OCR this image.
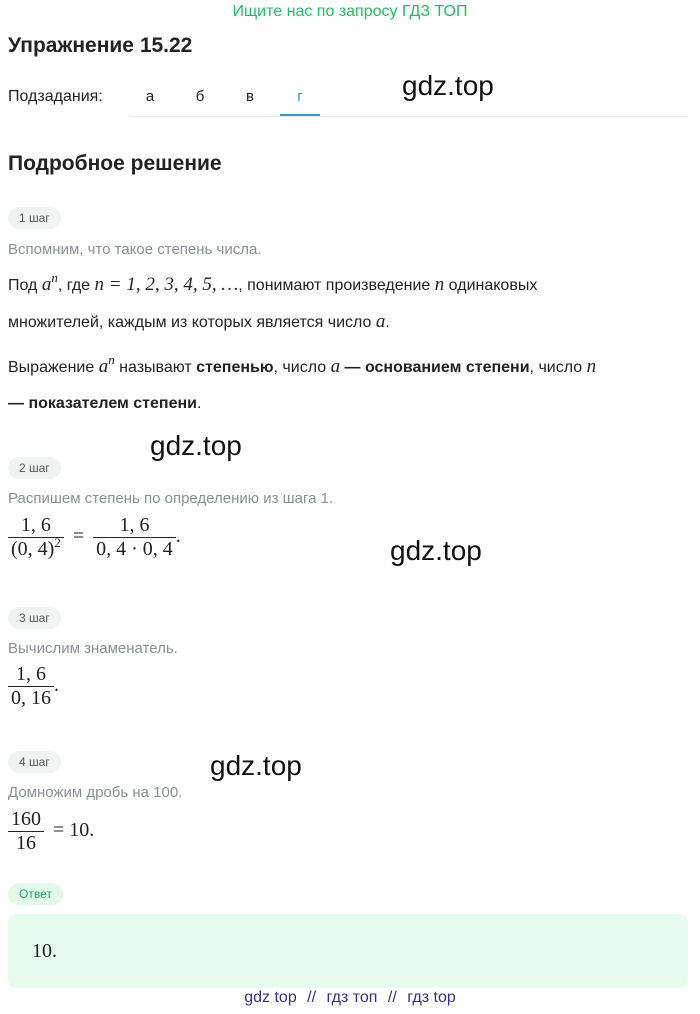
Ищите нас по запросу ГДЗ ТОП
Упражнение 15.22
Подзадания:	а	б	в	г	gdz.top
Подробное решение
1 шаг
Вспомним, что такое степень числа.
Под $a^n$, где n = 1, 2, 3, 4, 5, …, понимают произведение n одинаковых
множителей, каждым из которых является число a.
Выражение $a^n$ называют степенью, число a — основанием степени, число n
— показателем степени.
gdz.top
2 шаг
Распишем степень по определению из шага 1.
$\frac{1, 6}{(0, 4)^2} = \frac{1, 6}{0, 4 \cdot 0, 4}$ .	gdz.top
3 шаг
Вычислим знаменатель.
$\frac{1, 6}{0, 16}$ .
4 шаг	gdz.top
Домножим дробь на 100.
$\frac{160}{16} = 10$.
Ответ
10.
gdz top // гдз топ // гдз top
